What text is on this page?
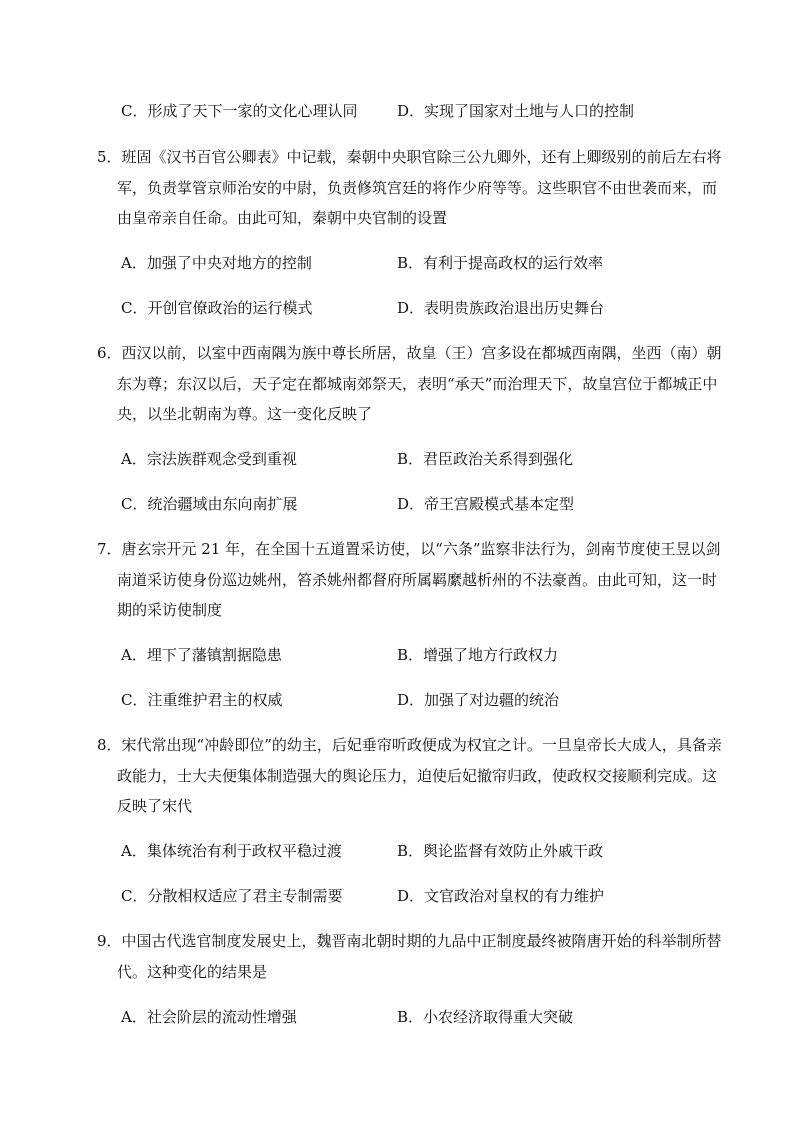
C．形成了天下一家的文化心理认同	D．实现了国家对土地与人口的控制
5．班固《汉书百官公卿表》中记载，秦朝中央职官除三公九卿外，还有上卿级别的前后左右将
军，负责掌管京师治安的中尉，负责修筑宫廷的将作少府等等。这些职官不由世袭而来，而
由皇帝亲自任命。由此可知，秦朝中央官制的设置
A．加强了中央对地方的控制	B．有利于提高政权的运行效率
C．开创官僚政治的运行模式	D．表明贵族政治退出历史舞台
6．西汉以前，以室中西南隅为族中尊长所居，故皇（王）宫多设在都城西南隅，坐西（南）朝
东为尊；东汉以后，天子定在都城南郊祭天，表明“承天”而治理天下，故皇宫位于都城正中
央，以坐北朝南为尊。这一变化反映了
A．宗法族群观念受到重视	B．君臣政治关系得到强化
C．统治疆域由东向南扩展	D．帝王宫殿模式基本定型
7．唐玄宗开元 21 年，在全国十五道置采访使，以“六条”监察非法行为，剑南节度使王昱以剑
南道采访使身份巡边姚州，笞杀姚州都督府所属羁縻越析州的不法豪酋。由此可知，这一时
期的采访使制度
A．埋下了藩镇割据隐患	B．增强了地方行政权力
C．注重维护君主的权威	D．加强了对边疆的统治
8．宋代常出现“冲龄即位”的幼主，后妃垂帘听政便成为权宜之计。一旦皇帝长大成人，具备亲
政能力，士大夫便集体制造强大的舆论压力，迫使后妃撤帘归政，使政权交接顺利完成。这
反映了宋代
A．集体统治有利于政权平稳过渡	B．舆论监督有效防止外戚干政
C．分散相权适应了君主专制需要	D．文官政治对皇权的有力维护
9．中国古代选官制度发展史上，魏晋南北朝时期的九品中正制度最终被隋唐开始的科举制所替
代。这种变化的结果是
A．社会阶层的流动性增强	B．小农经济取得重大突破
